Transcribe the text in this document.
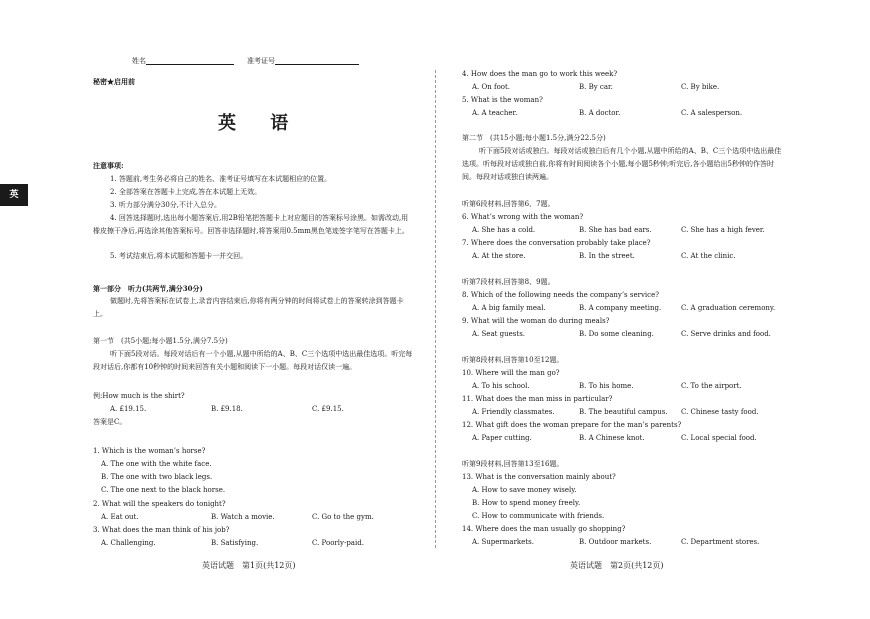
英
姓名	准考证号
秘密★启用前
英 语
注意事项:
1. 答题前,考生务必将自己的姓名、准考证号填写在本试题相应的位置。
2. 全部答案在答题卡上完成,答在本试题上无效。
3. 听力部分满分30分,不计入总分。
4. 回答选择题时,选出每小题答案后,用2B铅笔把答题卡上对应题目的答案标号涂黑。如需改动,用橡皮擦干净后,再选涂其他答案标号。回答非选择题时,将答案用0.5mm黑色笔迹签字笔写在答题卡上。
5. 考试结束后,将本试题和答题卡一并交回。
第一部分　听力(共两节,满分30分)
做题时,先将答案标在试卷上,录音内容结束后,你将有两分钟的时间将试卷上的答案转涂到答题卡上。
第一节　(共5小题;每小题1.5分,满分7.5分)
听下面5段对话。每段对话后有一个小题,从题中所给的A、B、C三个选项中选出最佳选项。听完每段对话后,你都有10秒钟的时间来回答有关小题和阅读下一小题。每段对话仅读一遍。
例:How much is the shirt?
A. £19.15.	B. £9.18.	C. £9.15.
答案是C。
1. Which is the woman’s horse?
A. The one with the white face.
B. The one with two black legs.
C. The one next to the black horse.
2. What will the speakers do tonight?
A. Eat out.	B. Watch a movie.	C. Go to the gym.
3. What does the man think of his job?
A. Challenging.	B. Satisfying.	C. Poorly-paid.
4. How does the man go to work this week?
A. On foot.	B. By car.	C. By bike.
5. What is the woman?
A. A teacher.	B. A doctor.	C. A salesperson.
第二节　(共15小题;每小题1.5分,满分22.5分)
听下面5段对话或独白。每段对话或独白后有几个小题,从题中所给的A、B、C三个选项中选出最佳选项。听每段对话或独白前,你将有时间阅读各个小题,每小题5秒钟;听完后,各小题给出5秒钟的作答时间。每段对话或独白读两遍。
听第6段材料,回答第6、7题。
6. What’s wrong with the woman?
A. She has a cold.	B. She has bad ears.	C. She has a high fever.
7. Where does the conversation probably take place?
A. At the store.	B. In the street.	C. At the clinic.
听第7段材料,回答第8、9题。
8. Which of the following needs the company’s service?
A. A big family meal.	B. A company meeting.	C. A graduation ceremony.
9. What will the woman do during meals?
A. Seat guests.	B. Do some cleaning.	C. Serve drinks and food.
听第8段材料,回答第10至12题。
10. Where will the man go?
A. To his school.	B. To his home.	C. To the airport.
11. What does the man miss in particular?
A. Friendly classmates.	B. The beautiful campus. C. Chinese tasty food.
12. What gift does the woman prepare for the man’s parents?
A. Paper cutting.	B. A Chinese knot.	C. Local special food.
听第9段材料,回答第13至16题。
13. What is the conversation mainly about?
A. How to save money wisely.
B. How to spend money freely.
C. How to communicate with friends.
14. Where does the man usually go shopping?
A. Supermarkets.	B. Outdoor markets.	C. Department stores.
英语试题　第1页(共12页)	英语试题　第2页(共12页)
